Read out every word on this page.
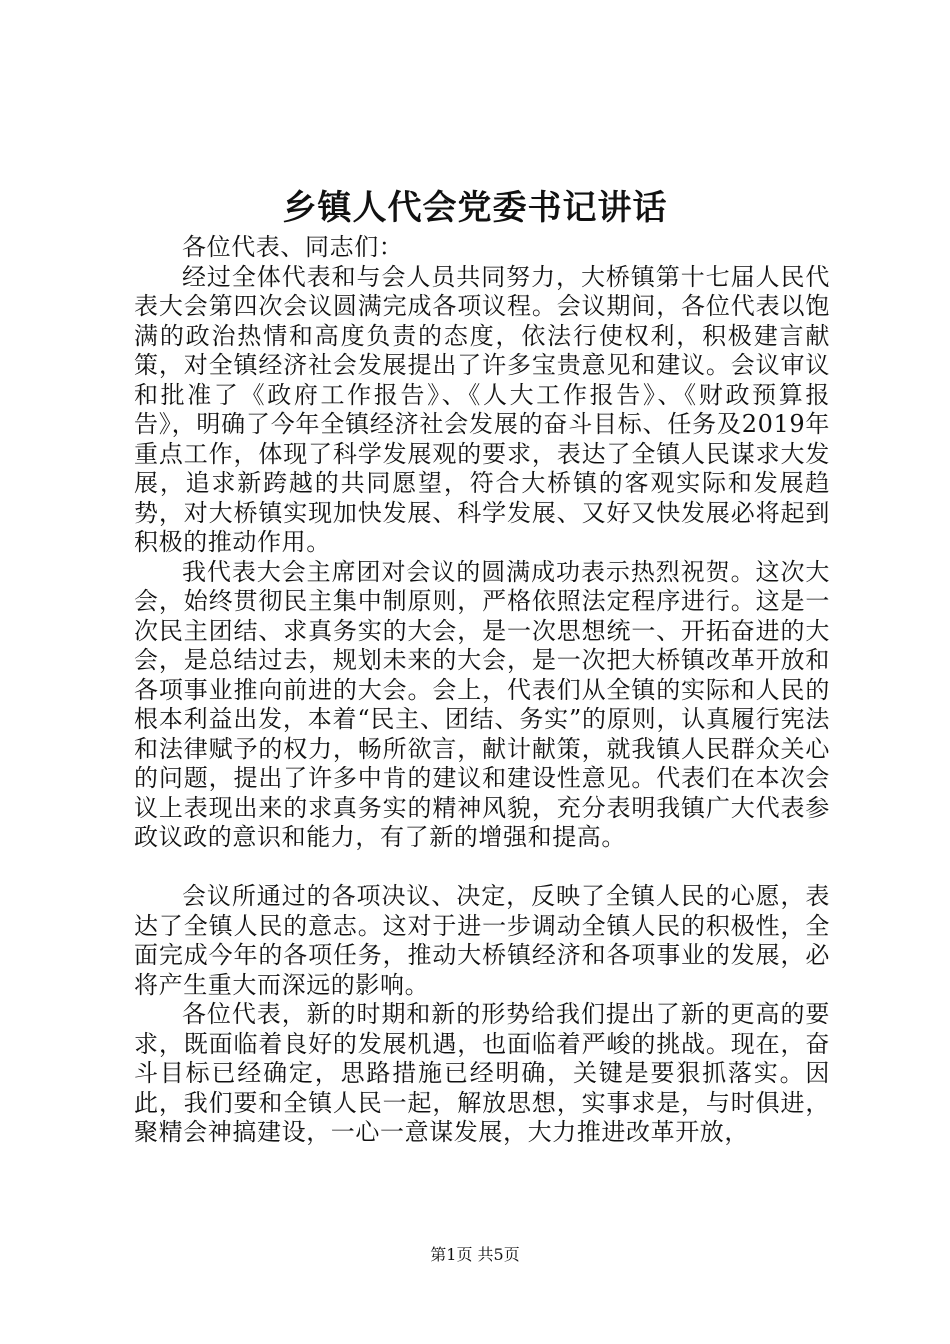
乡镇人代会党委书记讲话

各位代表、同志们：

经过全体代表和与会人员共同努力，大桥镇第十七届人民代表大会第四次会议圆满完成各项议程。会议期间，各位代表以饱满的政治热情和高度负责的态度，依法行使权利，积极建言献策，对全镇经济社会发展提出了许多宝贵意见和建议。会议审议和批准了《政府工作报告》、《人大工作报告》、《财政预算报告》，明确了今年全镇经济社会发展的奋斗目标、任务及2019年重点工作，体现了科学发展观的要求，表达了全镇人民谋求大发展，追求新跨越的共同愿望，符合大桥镇的客观实际和发展趋势，对大桥镇实现加快发展、科学发展、又好又快发展必将起到积极的推动作用。

我代表大会主席团对会议的圆满成功表示热烈祝贺。这次大会，始终贯彻民主集中制原则，严格依照法定程序进行。这是一次民主团结、求真务实的大会，是一次思想统一、开拓奋进的大会，是总结过去，规划未来的大会，是一次把大桥镇改革开放和各项事业推向前进的大会。会上，代表们从全镇的实际和人民的根本利益出发，本着“民主、团结、务实”的原则，认真履行宪法和法律赋予的权力，畅所欲言，献计献策，就我镇人民群众关心的问题，提出了许多中肯的建议和建设性意见。代表们在本次会议上表现出来的求真务实的精神风貌，充分表明我镇广大代表参政议政的意识和能力，有了新的增强和提高。

会议所通过的各项决议、决定，反映了全镇人民的心愿，表达了全镇人民的意志。这对于进一步调动全镇人民的积极性，全面完成今年的各项任务，推动大桥镇经济和各项事业的发展，必将产生重大而深远的影响。

各位代表，新的时期和新的形势给我们提出了新的更高的要求，既面临着良好的发展机遇，也面临着严峻的挑战。现在，奋斗目标已经确定，思路措施已经明确，关键是要狠抓落实。因此，我们要和全镇人民一起，解放思想，实事求是，与时俱进，聚精会神搞建设，一心一意谋发展，大力推进改革开放，

第1页 共5页
